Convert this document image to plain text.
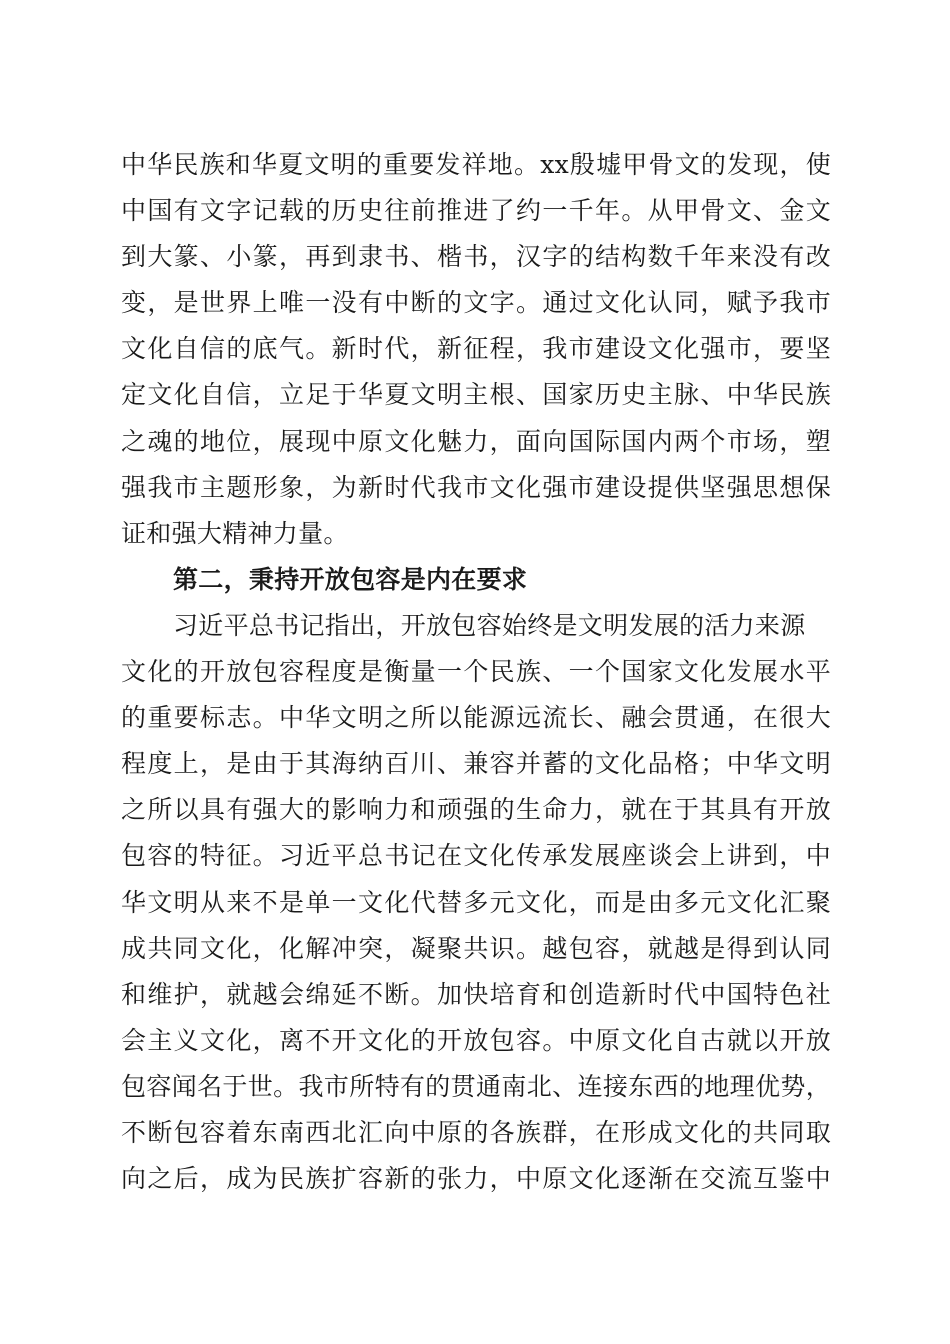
中华民族和华夏文明的重要发祥地。xx殷墟甲骨文的发现，使
中国有文字记载的历史往前推进了约一千年。从甲骨文、金文
到大篆、小篆，再到隶书、楷书，汉字的结构数千年来没有改
变，是世界上唯一没有中断的文字。通过文化认同，赋予我市
文化自信的底气。新时代，新征程，我市建设文化强市，要坚
定文化自信，立足于华夏文明主根、国家历史主脉、中华民族
之魂的地位，展现中原文化魅力，面向国际国内两个市场，塑
强我市主题形象，为新时代我市文化强市建设提供坚强思想保
证和强大精神力量。
第二，秉持开放包容是内在要求
习近平总书记指出，开放包容始终是文明发展的活力来源
文化的开放包容程度是衡量一个民族、一个国家文化发展水平
的重要标志。中华文明之所以能源远流长、融会贯通，在很大
程度上，是由于其海纳百川、兼容并蓄的文化品格；中华文明
之所以具有强大的影响力和顽强的生命力，就在于其具有开放
包容的特征。习近平总书记在文化传承发展座谈会上讲到，中
华文明从来不是单一文化代替多元文化，而是由多元文化汇聚
成共同文化，化解冲突，凝聚共识。越包容，就越是得到认同
和维护，就越会绵延不断。加快培育和创造新时代中国特色社
会主义文化，离不开文化的开放包容。中原文化自古就以开放
包容闻名于世。我市所特有的贯通南北、连接东西的地理优势，
不断包容着东南西北汇向中原的各族群，在形成文化的共同取
向之后，成为民族扩容新的张力，中原文化逐渐在交流互鉴中
